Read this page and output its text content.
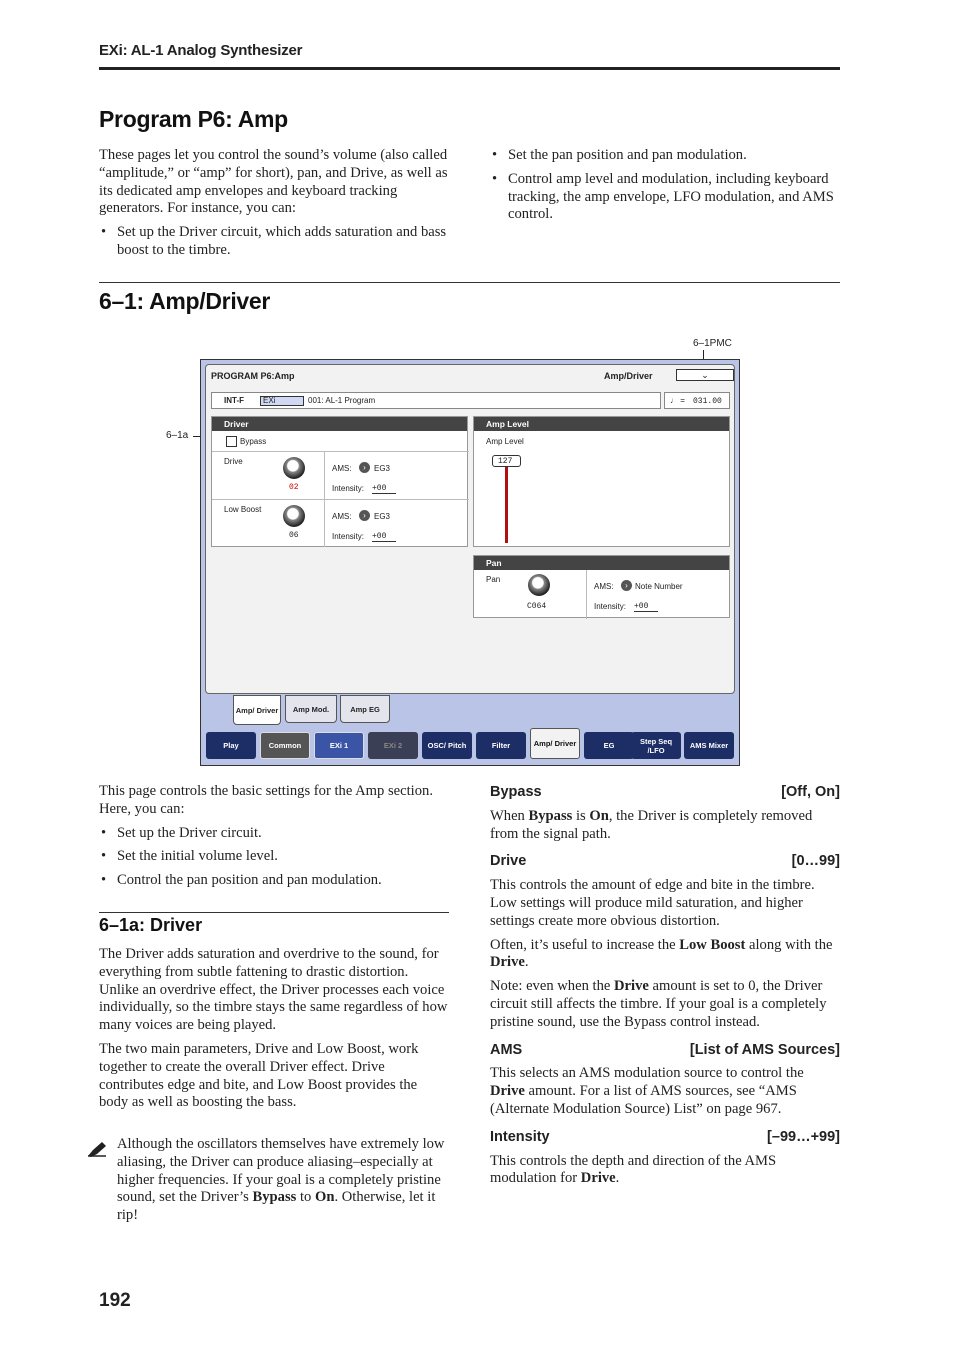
EXi: AL-1 Analog Synthesizer
Program P6: Amp

These pages let you control the sound’s volume (also called “amplitude,” or “amp” for short), pan, and Drive, as well as its dedicated amp envelopes and keyboard tracking generators. For instance, you can:

• Set up the Driver circuit, which adds saturation and bass boost to the timbre.
• Set the pan position and pan modulation.
• Control amp level and modulation, including keyboard tracking, the amp envelope, LFO modulation, and AMS control.
6–1: Amp/Driver
6–1PMC
6–1a
PROGRAM P6:Amp	Amp/Driver	⌄
INT-F	EXi	001: AL-1 Program	♩ = 031.00
Driver
Bypass
Drive
02
AMS:	›	EG3
Intensity: +00
Low Boost
06
AMS:	›	EG3
Intensity: +00
Amp Level
Amp Level
127
Pan
Pan
C064
AMS:	› Note Number
Intensity: +00
Amp/ Driver	Amp Mod.	Amp EG
Play	Common	EXi 1	EXi 2	OSC/ Pitch	Filter	Amp/ Driver	EG	Step Seq /LFO	AMS Mixer

This page controls the basic settings for the Amp section. Here, you can:

• Set up the Driver circuit.
• Set the initial volume level.
• Control the pan position and pan modulation.
6–1a: Driver

The Driver adds saturation and overdrive to the sound, for everything from subtle fattening to drastic distortion. Unlike an overdrive effect, the Driver processes each voice individually, so the timbre stays the same regardless of how many voices are being played.

The two main parameters, Drive and Low Boost, work together to create the overall Driver effect. Drive contributes edge and bite, and Low Boost provides the body as well as boosting the bass.

Although the oscillators themselves have extremely low aliasing, the Driver can produce aliasing–especially at higher frequencies. If your goal is a completely pristine sound, set the Driver’s Bypass to On. Otherwise, let it rip!

Bypass	[Off, On]

When Bypass is On, the Driver is completely removed from the signal path.

Drive	[0…99]

This controls the amount of edge and bite in the timbre. Low settings will produce mild saturation, and higher settings create more obvious distortion.

Often, it’s useful to increase the Low Boost along with the Drive.

Note: even when the Drive amount is set to 0, the Driver circuit still affects the timbre. If your goal is a completely pristine sound, use the Bypass control instead.

AMS	[List of AMS Sources]

This selects an AMS modulation source to control the Drive amount. For a list of AMS sources, see “AMS (Alternate Modulation Source) List” on page 967.

Intensity	[–99…+99]

This controls the depth and direction of the AMS modulation for Drive.

192
